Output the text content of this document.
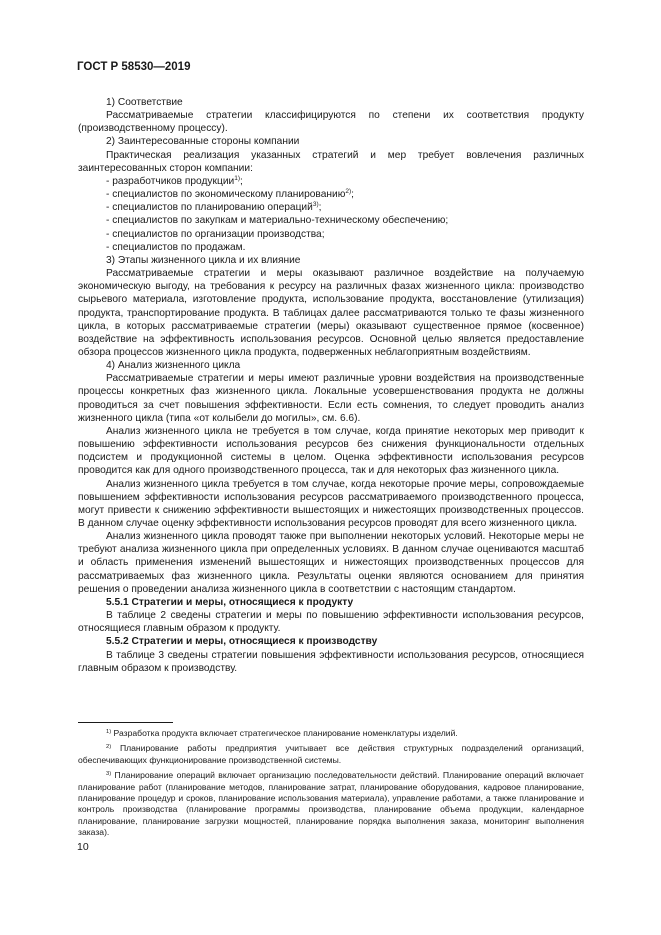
ГОСТ Р 58530—2019

1) Соответствие

Рассматриваемые стратегии классифицируются по степени их соответствия продукту (производственному процессу).

2) Заинтересованные стороны компании

Практическая реализация указанных стратегий и мер требует вовлечения различных заинтересованных сторон компании:

- разработчиков продукции$^{1)}$;

- специалистов по экономическому планированию$^{2)}$;

- специалистов по планированию операций$^{3)}$;

- специалистов по закупкам и материально-техническому обеспечению;

- специалистов по организации производства;

- специалистов по продажам.

3) Этапы жизненного цикла и их влияние

Рассматриваемые стратегии и меры оказывают различное воздействие на получаемую экономическую выгоду, на требования к ресурсу на различных фазах жизненного цикла: производство сырьевого материала, изготовление продукта, использование продукта, восстановление (утилизация) продукта, транспортирование продукта. В таблицах далее рассматриваются только те фазы жизненного цикла, в которых рассматриваемые стратегии (меры) оказывают существенное прямое (косвенное) воздействие на эффективность использования ресурсов. Основной целью является предоставление обзора процессов жизненного цикла продукта, подверженных неблагоприятным воздействиям.

4) Анализ жизненного цикла

Рассматриваемые стратегии и меры имеют различные уровни воздействия на производственные процессы конкретных фаз жизненного цикла. Локальные усовершенствования продукта не должны проводиться за счет повышения эффективности. Если есть сомнения, то следует проводить анализ жизненного цикла (типа «от колыбели до могилы», см. 6.6).

Анализ жизненного цикла не требуется в том случае, когда принятие некоторых мер приводит к повышению эффективности использования ресурсов без снижения функциональности отдельных подсистем и продукционной системы в целом. Оценка эффективности использования ресурсов проводится как для одного производственного процесса, так и для некоторых фаз жизненного цикла.

Анализ жизненного цикла требуется в том случае, когда некоторые прочие меры, сопровождаемые повышением эффективности использования ресурсов рассматриваемого производственного процесса, могут привести к снижению эффективности вышестоящих и нижестоящих производственных процессов. В данном случае оценку эффективности использования ресурсов проводят для всего жизненного цикла.

Анализ жизненного цикла проводят также при выполнении некоторых условий. Некоторые меры не требуют анализа жизненного цикла при определенных условиях. В данном случае оцениваются масштаб и область применения изменений вышестоящих и нижестоящих производственных процессов для рассматриваемых фаз жизненного цикла. Результаты оценки являются основанием для принятия решения о проведении анализа жизненного цикла в соответствии с настоящим стандартом.

5.5.1 Стратегии и меры, относящиеся к продукту

В таблице 2 сведены стратегии и меры по повышению эффективности использования ресурсов, относящиеся главным образом к продукту.

5.5.2 Стратегии и меры, относящиеся к производству

В таблице 3 сведены стратегии повышения эффективности использования ресурсов, относящиеся главным образом к производству.

$^{1)}$ Разработка продукта включает стратегическое планирование номенклатуры изделий.

$^{2)}$ Планирование работы предприятия учитывает все действия структурных подразделений организаций, обеспечивающих функционирование производственной системы.

$^{3)}$ Планирование операций включает организацию последовательности действий. Планирование операций включает планирование работ (планирование методов, планирование затрат, планирование оборудования, кадровое планирование, планирование процедур и сроков, планирование использования материала), управление работами, а также планирование и контроль производства (планирование программы производства, планирование объема продукции, календарное планирование, планирование загрузки мощностей, планирование порядка выполнения заказа, мониторинг выполнения заказа).

10
